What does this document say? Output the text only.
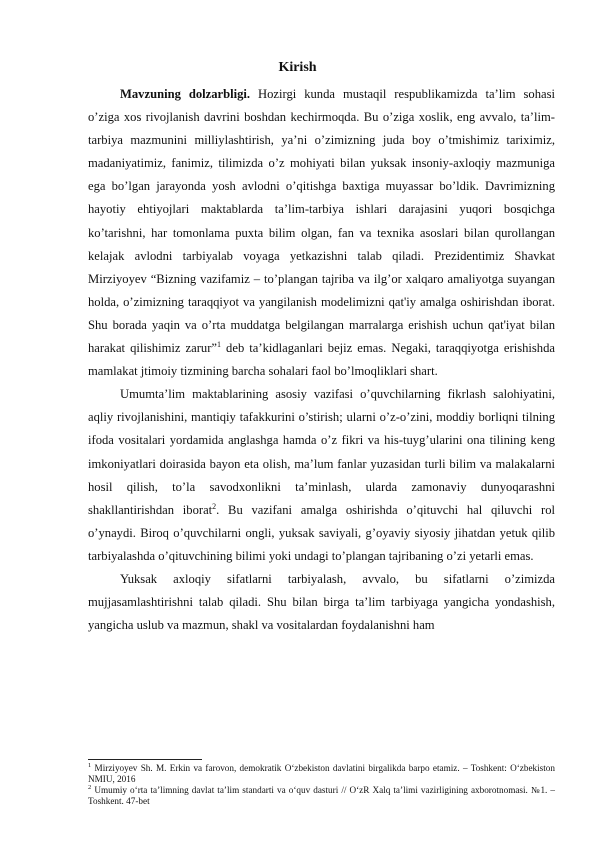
Kirish

Mavzuning dolzarbligi. Hozirgi kunda mustaqil respublikamizda ta’lim sohasi o’ziga xos rivojlanish davrini boshdan kechirmoqda. Bu o’ziga xoslik, eng avvalo, ta’lim-tarbiya mazmunini milliylashtirish, ya’ni o’zimizning juda boy o’tmishimiz tariximiz, madaniyatimiz, fanimiz, tilimizda o’z mohiyati bilan yuksak insoniy-axloqiy mazmuniga ega bo’lgan jarayonda yosh avlodni o’qitishga baxtiga muyassar bo’ldik. Davrimizning hayotiy ehtiyojlari maktablarda ta’lim-tarbiya ishlari darajasini yuqori bosqichga ko’tarishni, har tomonlama puxta bilim olgan, fan va texnika asoslari bilan qurollangan kelajak avlodni tarbiyalab voyaga yetkazishni talab qiladi. Prezidentimiz Shavkat Mirziyoyev “Bizning vazifamiz – to’plangan tajriba va ilg’or xalqaro amaliyotga suyangan holda, o’zimizning taraqqiyot va yangilanish modelimizni qat'iy amalga oshirishdan iborat. Shu borada yaqin va o’rta muddatga belgilangan marralarga erishish uchun qat'iyat bilan harakat qilishimiz zarur”$^1$ deb ta’kidlaganlari bejiz emas. Negaki, taraqqiyotga erishishda mamlakat jtimoiy tizmining barcha sohalari faol bo’lmoqliklari shart.

Umumta’lim maktablarining asosiy vazifasi o’quvchilarning fikrlash salohiyatini, aqliy rivojlanishini, mantiqiy tafakkurini o’stirish; ularni o’z-o’zini, moddiy borliqni tilning ifoda vositalari yordamida anglashga hamda o’z fikri va his-tuyg’ularini ona tilining keng imkoniyatlari doirasida bayon eta olish, ma’lum fanlar yuzasidan turli bilim va malakalarni hosil qilish, to’la savodxonlikni ta’minlash, ularda zamonaviy dunyoqarashni shakllantirishdan iborat$^2$. Bu vazifani amalga oshirishda o’qituvchi hal qiluvchi rol o’ynaydi. Biroq o’quvchilarni ongli, yuksak saviyali, g’oyaviy siyosiy jihatdan yetuk qilib tarbiyalashda o’qituvchining bilimi yoki undagi to’plangan tajribaning o’zi yetarli emas.

Yuksak axloqiy sifatlarni tarbiyalash, avvalo, bu sifatlarni o’zimizda mujjasamlashtirishni talab qiladi. Shu bilan birga ta’lim tarbiyaga yangicha yondashish, yangicha uslub va mazmun, shakl va vositalardan foydalanishni ham

$^1$ Mirziyoyev Sh. M. Erkin va farovon, demokratik O‘zbekiston davlatini birgalikda barpo etamiz. – Toshkent: O‘zbekiston NMIU, 2016

$^2$ Umumiy o‘rta ta’limning davlat ta’lim standarti va o‘quv dasturi // O‘zR Xalq ta’limi vazirligining axborotnomasi. №1. – Toshkent. 47-bet
